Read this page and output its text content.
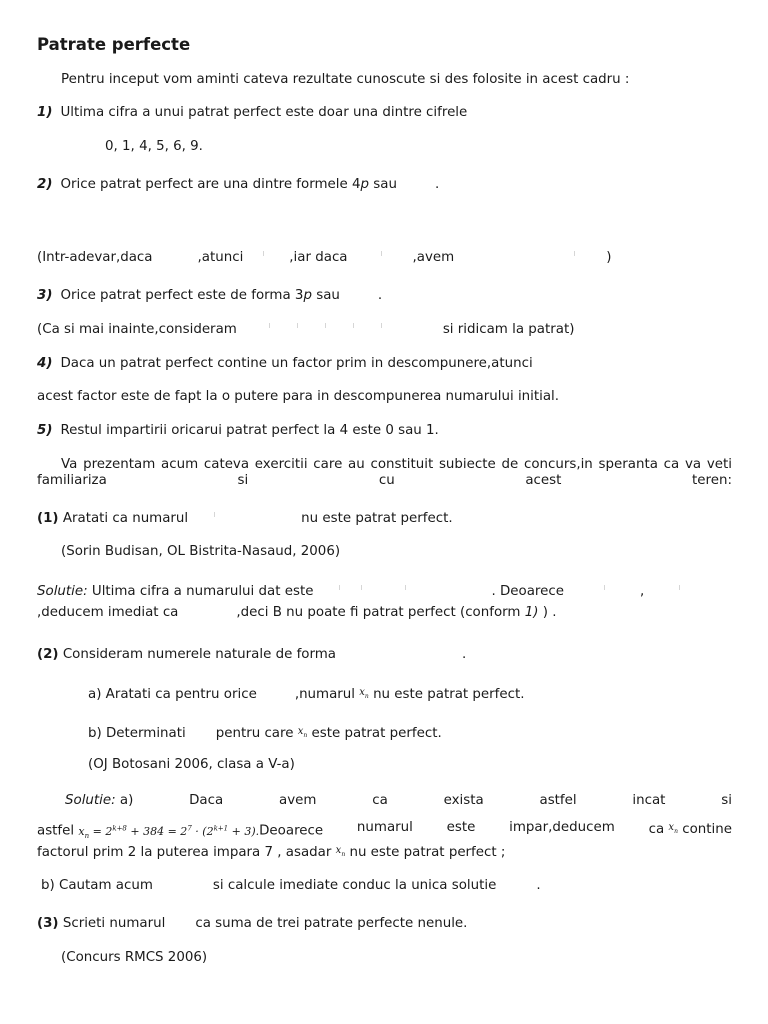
Patrate perfecte
Pentru inceput vom aminti cateva rezultate cunoscute si des folosite in acest cadru :
1) Ultima cifra a unui patrat perfect este doar una dintre cifrele
0, 1, 4, 5, 6, 9.
2) Orice patrat perfect are una dintre formele 4p sau	.
(Intr-adevar,daca	,atunci	,iar daca	,avem	)
3) Orice patrat perfect este de forma 3p sau	.
(Ca si mai inainte,consideram	si ridicam la patrat)
4) Daca un patrat perfect contine un factor prim in descompunere,atunci
acest factor este de fapt la o putere para in descompunerea numarului initial.
5) Restul impartirii oricarui patrat perfect la 4 este 0 sau 1.
Va prezentam acum cateva exercitii care au constituit subiecte de concurs,in speranta ca va veti familiariza si cu acest teren:
(1) Aratati ca numarul	nu este patrat perfect.
(Sorin Budisan, OL Bistrita-Nasaud, 2006)
Solutie: Ultima cifra a numarului dat este	. Deoarece	,
,deducem imediat ca	,deci B nu poate fi patrat perfect (conform 1) ) .
(2) Consideram numerele naturale de forma	.
a) Aratati ca pentru orice	,numarul $^{x_n}$ nu este patrat perfect.
b) Determinati pentru care $^{x_n}$ este patrat perfect.
(OJ Botosani 2006, clasa a V-a)
Solutie: a)	Daca	avem	ca	exista	astfel	incat	si
astfel $x_n = 2^{k+8} + 384 = 2^7 \cdot (2^{k+1}$ + 3).Deoarece	numarul	este	impar,deducem	ca $^{x_n}$ contine
factorul prim 2 la puterea impara 7 , asadar $^{x_n}$ nu este patrat perfect ;
b) Cautam acum	si calcule imediate conduc la unica solutie	.
(3) Scrieti numarul ca suma de trei patrate perfecte nenule.
(Concurs RMCS 2006)
